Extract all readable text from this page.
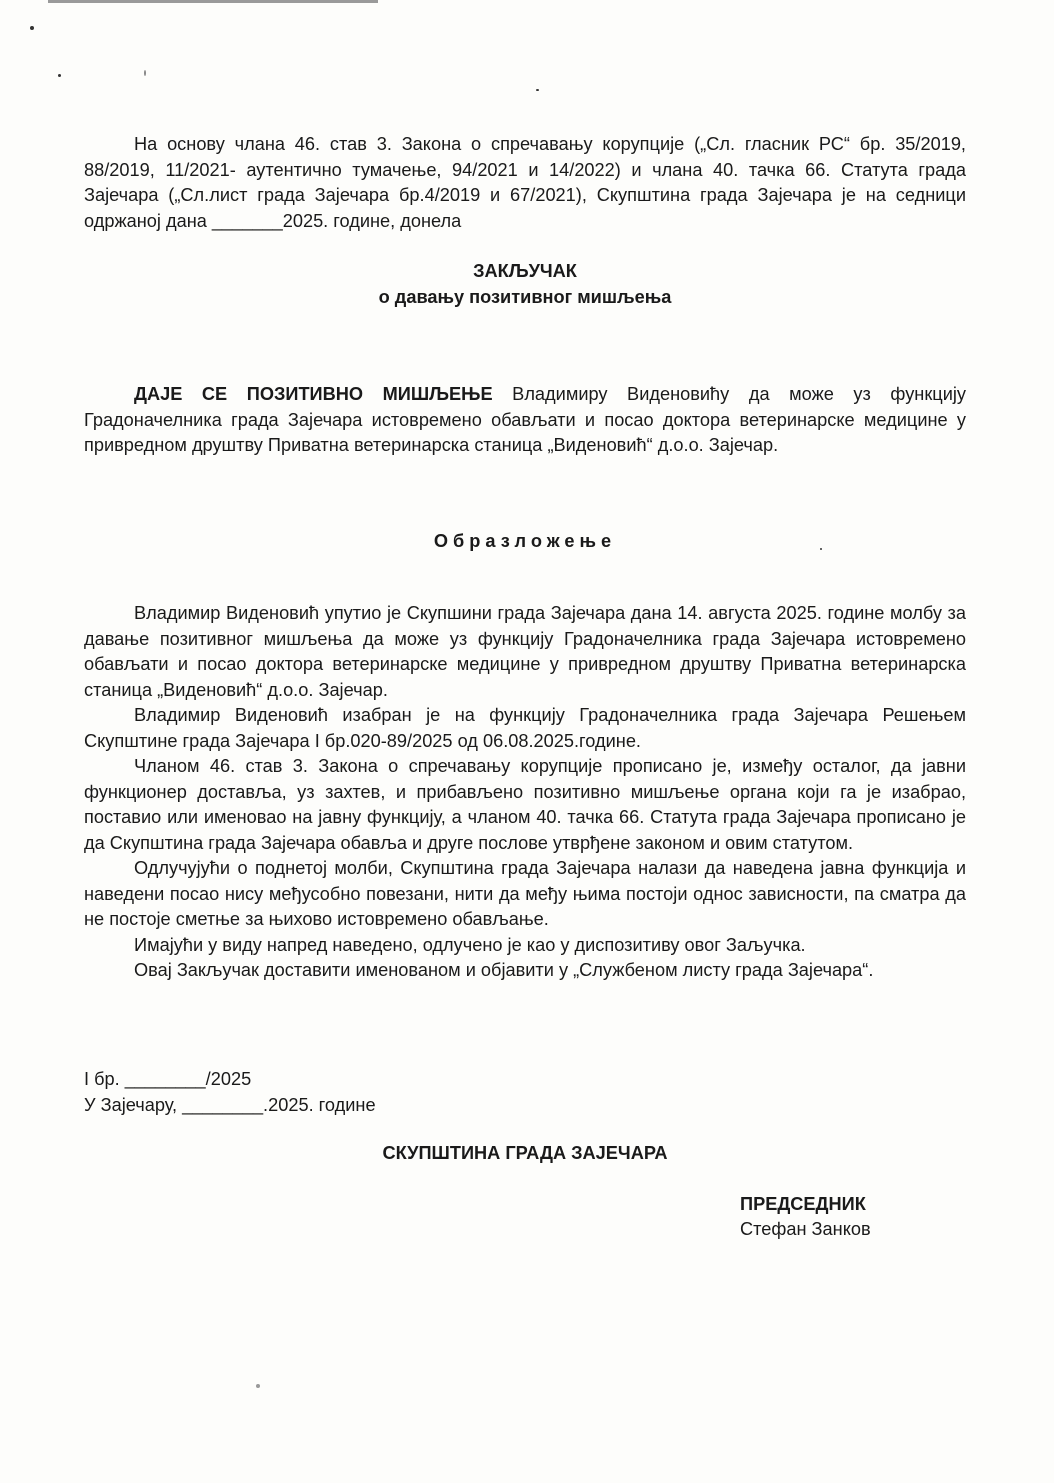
На основу члана 46. став 3. Закона о спречавању корупције („Сл. гласник РС“ бр. 35/2019, 88/2019, 11/2021- аутентично тумачење, 94/2021 и 14/2022) и члана 40. тачка 66. Статута града Зајечара („Сл.лист града Зајечара бр.4/2019 и 67/2021), Скупштина града Зајечара је на седници одржаној дана _______2025. године, донела

ЗАКЉУЧАК
о давању позитивног мишљења

ДАЈЕ СЕ ПОЗИТИВНО МИШЉЕЊЕ Владимиру Виденовићу да може уз функцију Градоначелника града Зајечара истовремено обављати и посао доктора ветеринарске медицине у привредном друштву Приватна ветеринарска станица „Виденовић“ д.о.о. Зајечар.

Образложење

Владимир Виденовић упутио је Скупшини града Зајечара дана 14. августа 2025. године молбу за давање позитивног мишљења да може уз функцију Градоначелника града Зајечара истовремено обављати и посао доктора ветеринарске медицине у привредном друштву Приватна ветеринарска станица „Виденовић“ д.о.о. Зајечар.

Владимир Виденовић изабран је на функцију Градоначелника града Зајечара Решењем Скупштине града Зајечара I бр.020-89/2025 од 06.08.2025.године.

Чланом 46. став 3. Закона о спречавању корупције прописано је, између осталог, да јавни функционер доставља, уз захтев, и прибављено позитивно мишљење органа који га је изабрао, поставио или именовао на јавну функцију, а чланом 40. тачка 66. Статута града Зајечара прописано је да Скупштина града Зајечара обавља и друге послове утврђене законом и овим статутом.

Одлучујући о поднетој молби, Скупштина града Зајечара налази да наведена јавна функција и наведени посао нису међусобно повезани, нити да међу њима постоји однос зависности, па сматра да не постоје сметње за њихово истовремено обављање.

Имајући у виду напред наведено, одлучено је као у диспозитиву овог Заључка.

Овај Закључак доставити именованом и објавити у „Службеном листу града Зајечара“.

I бр. ________/2025
У Зајечару, ________.2025. године
СКУПШТИНА ГРАДА ЗАЈЕЧАРА
ПРЕДСЕДНИК
Стефан Занков
